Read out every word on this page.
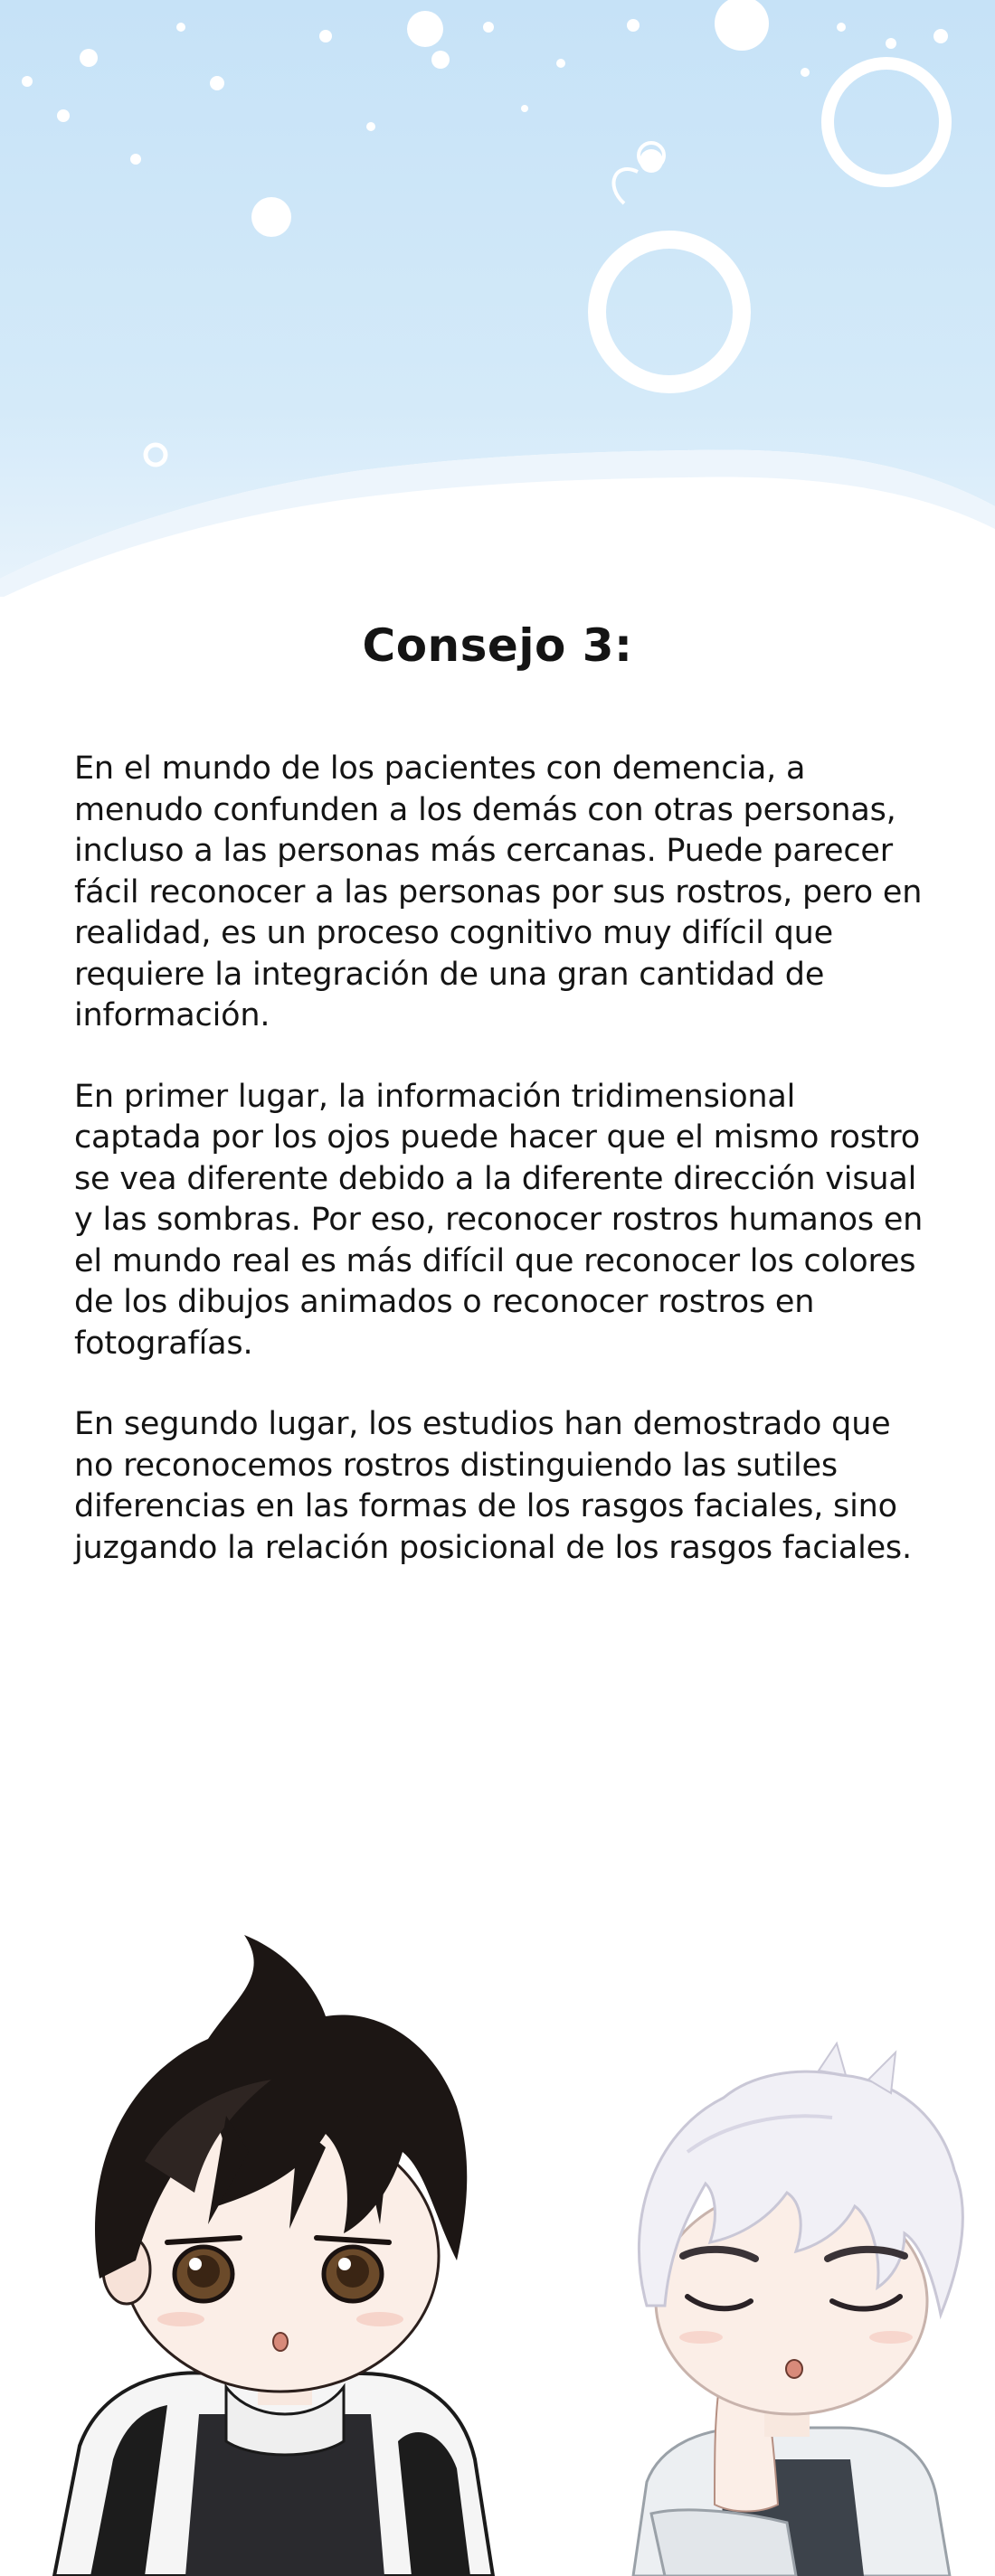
Consejo 3:

En el mundo de los pacientes con demencia, a menudo confunden a los demás con otras personas, incluso a las personas más cercanas. Puede parecer fácil reconocer a las personas por sus rostros, pero en realidad, es un proceso cognitivo muy difícil que requiere la integración de una gran cantidad de información.

En primer lugar, la información tridimensional captada por los ojos puede hacer que el mismo rostro se vea diferente debido a la diferente dirección visual y las sombras. Por eso, reconocer rostros humanos en el mundo real es más difícil que reconocer los colores de los dibujos animados o reconocer rostros en fotografías.

En segundo lugar, los estudios han demostrado que no reconocemos rostros distinguiendo las sutiles diferencias en las formas de los rasgos faciales, sino juzgando la relación posicional de los rasgos faciales.
